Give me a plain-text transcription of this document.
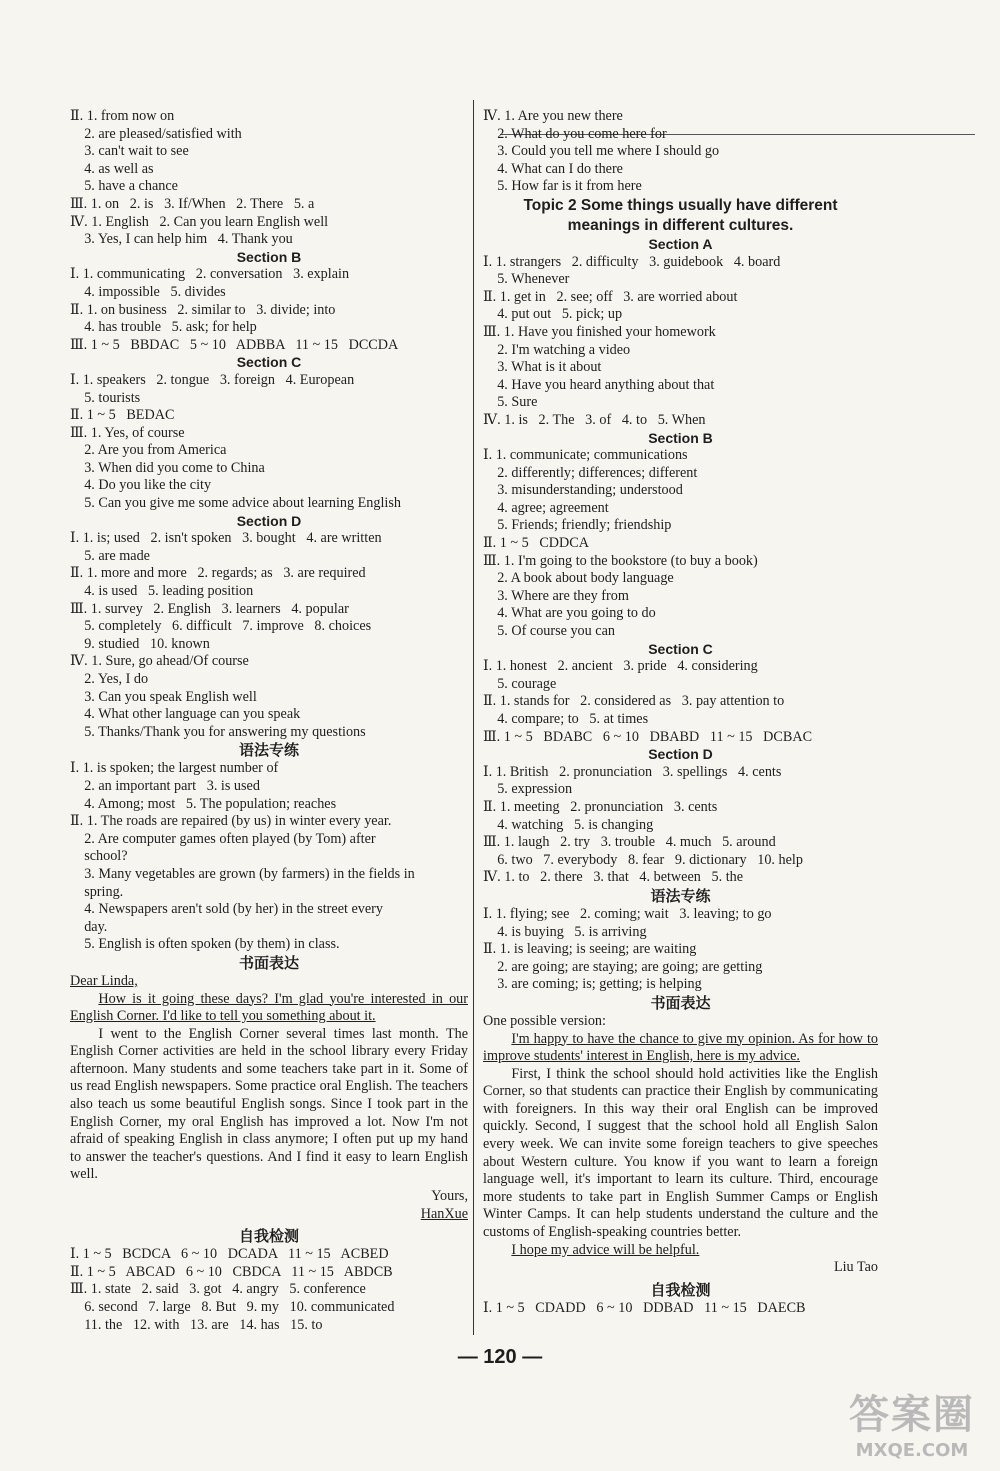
Ⅱ. 1. from now on
2. are pleased/satisfied with
3. can't wait to see
4. as well as
5. have a chance
Ⅲ. 1. on   2. is   3. If/When   2. There   5. a
Ⅳ. 1. English   2. Can you learn English well
3. Yes, I can help him   4. Thank you
Section B
Ⅰ. 1. communicating   2. conversation   3. explain
4. impossible   5. divides
Ⅱ. 1. on business   2. similar to   3. divide; into
4. has trouble   5. ask; for help
Ⅲ. 1 ~ 5   BBDAC   5 ~ 10   ADBBA   11 ~ 15   DCCDA
Section C
Ⅰ. 1. speakers   2. tongue   3. foreign   4. European
5. tourists
Ⅱ. 1 ~ 5   BEDAC
Ⅲ. 1. Yes, of course
2. Are you from America
3. When did you come to China
4. Do you like the city
5. Can you give me some advice about learning English
Section D
Ⅰ. 1. is; used   2. isn't spoken   3. bought   4. are written
5. are made
Ⅱ. 1. more and more   2. regards; as   3. are required
4. is used   5. leading position
Ⅲ. 1. survey   2. English   3. learners   4. popular
5. completely   6. difficult   7. improve   8. choices
9. studied   10. known
Ⅳ. 1. Sure, go ahead/Of course
2. Yes, I do
3. Can you speak English well
4. What other language can you speak
5. Thanks/Thank you for answering my questions
语法专练
Ⅰ. 1. is spoken; the largest number of
2. an important part   3. is used
4. Among; most   5. The population; reaches
Ⅱ. 1. The roads are repaired (by us) in winter every year.
2. Are computer games often played (by Tom) after
school?
3. Many vegetables are grown (by farmers) in the fields in
spring.
4. Newspapers aren't sold (by her) in the street every
day.
5. English is often spoken (by them) in class.
书面表达
Dear Linda,
How is it going these days? I'm glad you're interested in our English Corner. I'd like to tell you something about it.
I went to the English Corner several times last month. The English Corner activities are held in the school library every Friday afternoon. Many students and some teachers take part in it. Some of us read English newspapers. Some practice oral English. The teachers also teach us some beautiful English songs. Since I took part in the English Corner, my oral English has improved a lot. Now I'm not afraid of speaking English in class anymore; I often put up my hand to answer the teacher's questions. And I find it easy to learn English well.
Yours,
HanXue
自我检测
Ⅰ. 1 ~ 5   BCDCA   6 ~ 10   DCADA   11 ~ 15   ACBED
Ⅱ. 1 ~ 5   ABCAD   6 ~ 10   CBDCA   11 ~ 15   ABDCB
Ⅲ. 1. state   2. said   3. got   4. angry   5. conference
6. second   7. large   8. But   9. my   10. communicated
11. the   12. with   13. are   14. has   15. to
Ⅳ. 1. Are you new there
2. What do you come here for
3. Could you tell me where I should go
4. What can I do there
5. How far is it from here
Topic 2 Some things usually have different
meanings in different cultures.
Section A
Ⅰ. 1. strangers   2. difficulty   3. guidebook   4. board
5. Whenever
Ⅱ. 1. get in   2. see; off   3. are worried about
4. put out   5. pick; up
Ⅲ. 1. Have you finished your homework
2. I'm watching a video
3. What is it about
4. Have you heard anything about that
5. Sure
Ⅳ. 1. is   2. The   3. of   4. to   5. When
Section B
Ⅰ. 1. communicate; communications
2. differently; differences; different
3. misunderstanding; understood
4. agree; agreement
5. Friends; friendly; friendship
Ⅱ. 1 ~ 5   CDDCA
Ⅲ. 1. I'm going to the bookstore (to buy a book)
2. A book about body language
3. Where are they from
4. What are you going to do
5. Of course you can
Section C
Ⅰ. 1. honest   2. ancient   3. pride   4. considering
5. courage
Ⅱ. 1. stands for   2. considered as   3. pay attention to
4. compare; to   5. at times
Ⅲ. 1 ~ 5   BDABC   6 ~ 10   DBABD   11 ~ 15   DCBAC
Section D
Ⅰ. 1. British   2. pronunciation   3. spellings   4. cents
5. expression
Ⅱ. 1. meeting   2. pronunciation   3. cents
4. watching   5. is changing
Ⅲ. 1. laugh   2. try   3. trouble   4. much   5. around
6. two   7. everybody   8. fear   9. dictionary   10. help
Ⅳ. 1. to   2. there   3. that   4. between   5. the
语法专练
Ⅰ. 1. flying; see   2. coming; wait   3. leaving; to go
4. is buying   5. is arriving
Ⅱ. 1. is leaving; is seeing; are waiting
2. are going; are staying; are going; are getting
3. are coming; is; getting; is helping
书面表达
One possible version:
I'm happy to have the chance to give my opinion. As for how to improve students' interest in English, here is my advice.
First, I think the school should hold activities like the English Corner, so that students can practice their English by communicating with foreigners. In this way their oral English can be improved quickly. Second, I suggest that the school hold all English Salon every week. We can invite some foreign teachers to give speeches about Western culture. You know if you want to learn a foreign language well, it's important to learn its culture. Third, encourage more students to take part in English Summer Camps or English Winter Camps. It can help students understand the culture and the customs of English-speaking countries better.
I hope my advice will be helpful.
Liu Tao
自我检测
Ⅰ. 1 ~ 5   CDADD   6 ~ 10   DDBAD   11 ~ 15   DAECB
— 120 —
答案圈
MXQE.COM
